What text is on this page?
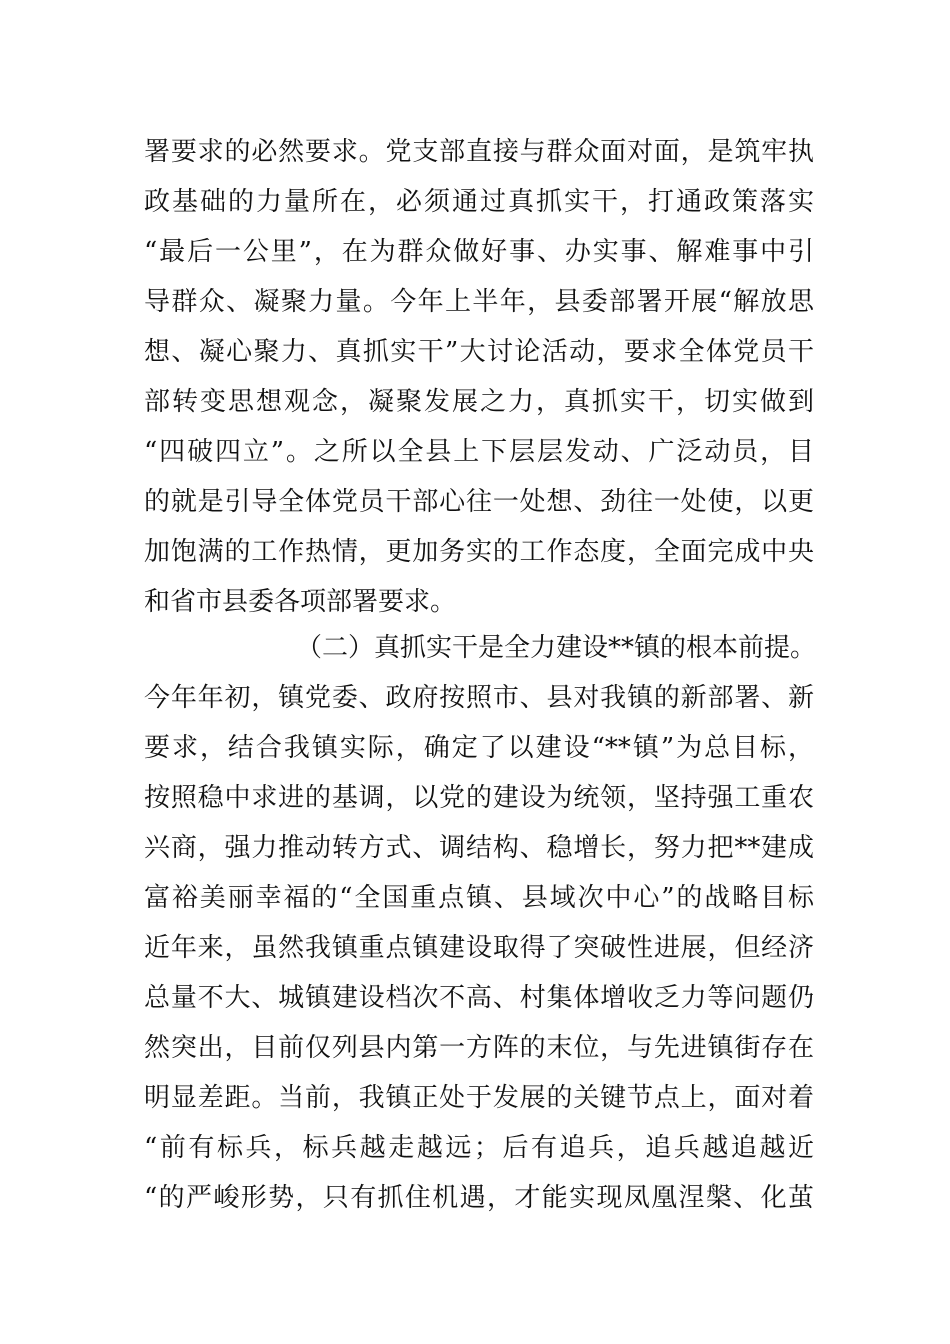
署要求的必然要求。党支部直接与群众面对面，是筑牢执
政基础的力量所在，必须通过真抓实干，打通政策落实
“最后一公里”，在为群众做好事、办实事、解难事中引
导群众、凝聚力量。今年上半年，县委部署开展“解放思
想、凝心聚力、真抓实干”大讨论活动，要求全体党员干
部转变思想观念，凝聚发展之力，真抓实干，切实做到
“四破四立”。之所以全县上下层层发动、广泛动员，目
的就是引导全体党员干部心往一处想、劲往一处使，以更
加饱满的工作热情，更加务实的工作态度，全面完成中央
和省市县委各项部署要求。
（二）真抓实干是全力建设**镇的根本前提。
今年年初，镇党委、政府按照市、县对我镇的新部署、新
要求，结合我镇实际，确定了以建设“**镇”为总目标，
按照稳中求进的基调，以党的建设为统领，坚持强工重农
兴商，强力推动转方式、调结构、稳增长，努力把**建成
富裕美丽幸福的“全国重点镇、县域次中心”的战略目标
近年来，虽然我镇重点镇建设取得了突破性进展，但经济
总量不大、城镇建设档次不高、村集体增收乏力等问题仍
然突出，目前仅列县内第一方阵的末位，与先进镇街存在
明显差距。当前，我镇正处于发展的关键节点上，面对着
“前有标兵，标兵越走越远；后有追兵，追兵越追越近
“的严峻形势，只有抓住机遇，才能实现凤凰涅槃、化茧
